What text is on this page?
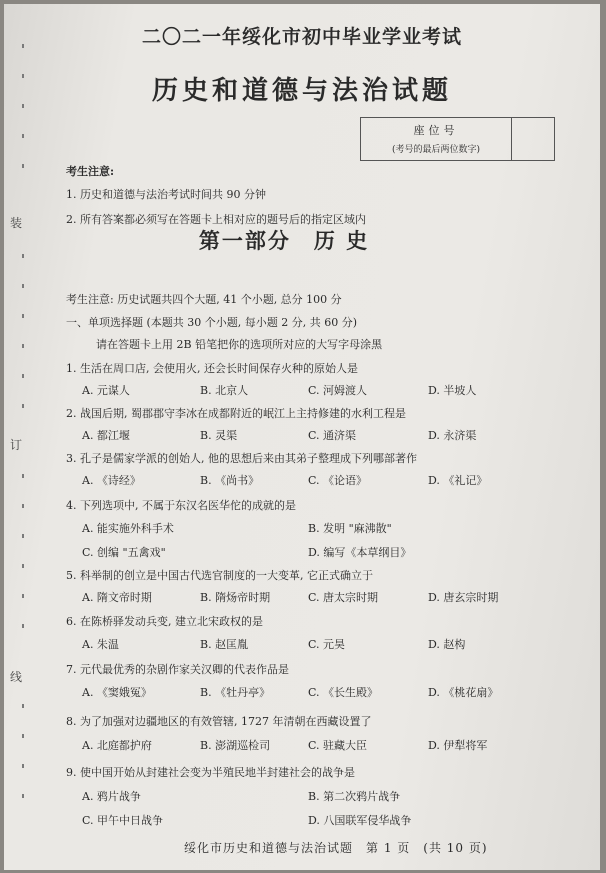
装
订
线
二〇二一年绥化市初中毕业学业考试
历史和道德与法治试题
座位号
(考号的最后两位数字)
考生注意:
1. 历史和道德与法治考试时间共 90 分钟
2. 所有答案都必须写在答题卡上相对应的题号后的指定区域内
第一部分　历 史
考生注意: 历史试题共四个大题, 41 个小题, 总分 100 分
一、单项选择题 (本题共 30 个小题, 每小题 2 分, 共 60 分)
请在答题卡上用 2B 铅笔把你的选项所对应的大写字母涂黑
1. 生活在周口店, 会使用火, 还会长时间保存火种的原始人是
A. 元谋人	B. 北京人	C. 河姆渡人	D. 半坡人
2. 战国后期, 蜀郡郡守李冰在成都附近的岷江上主持修建的水利工程是
A. 都江堰	B. 灵渠	C. 通济渠	D. 永济渠
3. 孔子是儒家学派的创始人, 他的思想后来由其弟子整理成下列哪部著作
A. 《诗经》	B. 《尚书》	C. 《论语》	D. 《礼记》
4. 下列选项中, 不属于东汉名医华佗的成就的是
A. 能实施外科手术	B. 发明 "麻沸散"
C. 创编 "五禽戏"	D. 编写《本草纲目》
5. 科举制的创立是中国古代选官制度的一大变革, 它正式确立于
A. 隋文帝时期	B. 隋炀帝时期	C. 唐太宗时期	D. 唐玄宗时期
6. 在陈桥驿发动兵变, 建立北宋政权的是
A. 朱温	B. 赵匡胤	C. 元昊	D. 赵构
7. 元代最优秀的杂剧作家关汉卿的代表作品是
A. 《窦娥冤》	B. 《牡丹亭》	C. 《长生殿》	D. 《桃花扇》
8. 为了加强对边疆地区的有效管辖, 1727 年清朝在西藏设置了
A. 北庭都护府	B. 澎湖巡检司	C. 驻藏大臣	D. 伊犁将军
9. 使中国开始从封建社会变为半殖民地半封建社会的战争是
A. 鸦片战争	B. 第二次鸦片战争
C. 甲午中日战争	D. 八国联军侵华战争
绥化市历史和道德与法治试题　第 1 页　(共 10 页)
